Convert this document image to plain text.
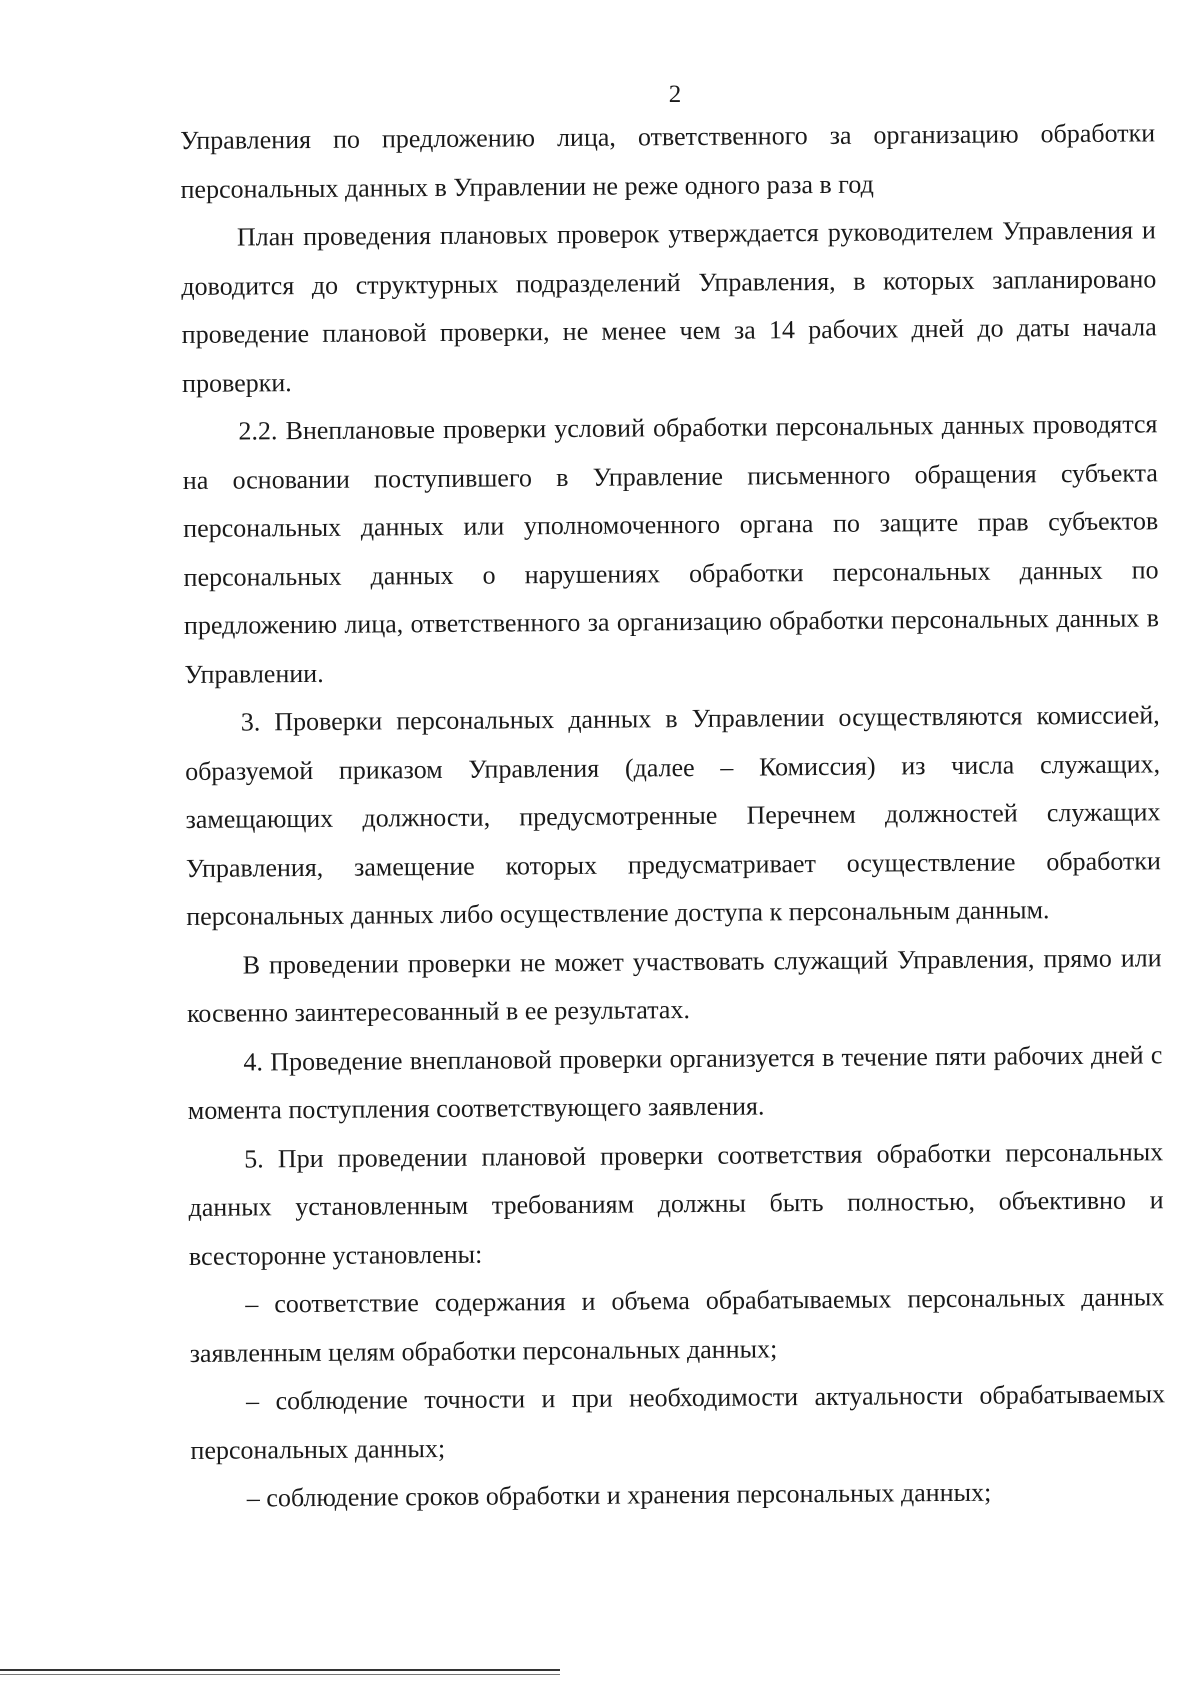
2

Управления по предложению лица, ответственного за организацию обработки персональных данных в Управлении не реже одного раза в год

План проведения плановых проверок утверждается руководителем Управления и доводится до структурных подразделений Управления, в которых запланировано проведение плановой проверки, не менее чем за 14 рабочих дней до даты начала проверки.

2.2. Внеплановые проверки условий обработки персональных данных проводятся на основании поступившего в Управление письменного обращения субъекта персональных данных или уполномоченного органа по защите прав субъектов персональных данных о нарушениях обработки персональных данных по предложению лица, ответственного за организацию обработки персональных данных в Управлении.

3. Проверки персональных данных в Управлении осуществляются комиссией, образуемой приказом Управления (далее – Комиссия) из числа служащих, замещающих должности, предусмотренные Перечнем должностей служащих Управления, замещение которых предусматривает осуществление обработки персональных данных либо осуществление доступа к персональным данным.

В проведении проверки не может участвовать служащий Управления, прямо или косвенно заинтересованный в ее результатах.

4. Проведение внеплановой проверки организуется в течение пяти рабочих дней с момента поступления соответствующего заявления.

5. При проведении плановой проверки соответствия обработки персональных данных установленным требованиям должны быть полностью, объективно и всесторонне установлены:

– соответствие содержания и объема обрабатываемых персональных данных заявленным целям обработки персональных данных;

– соблюдение точности и при необходимости актуальности обрабатываемых персональных данных;

– соблюдение сроков обработки и хранения персональных данных;
